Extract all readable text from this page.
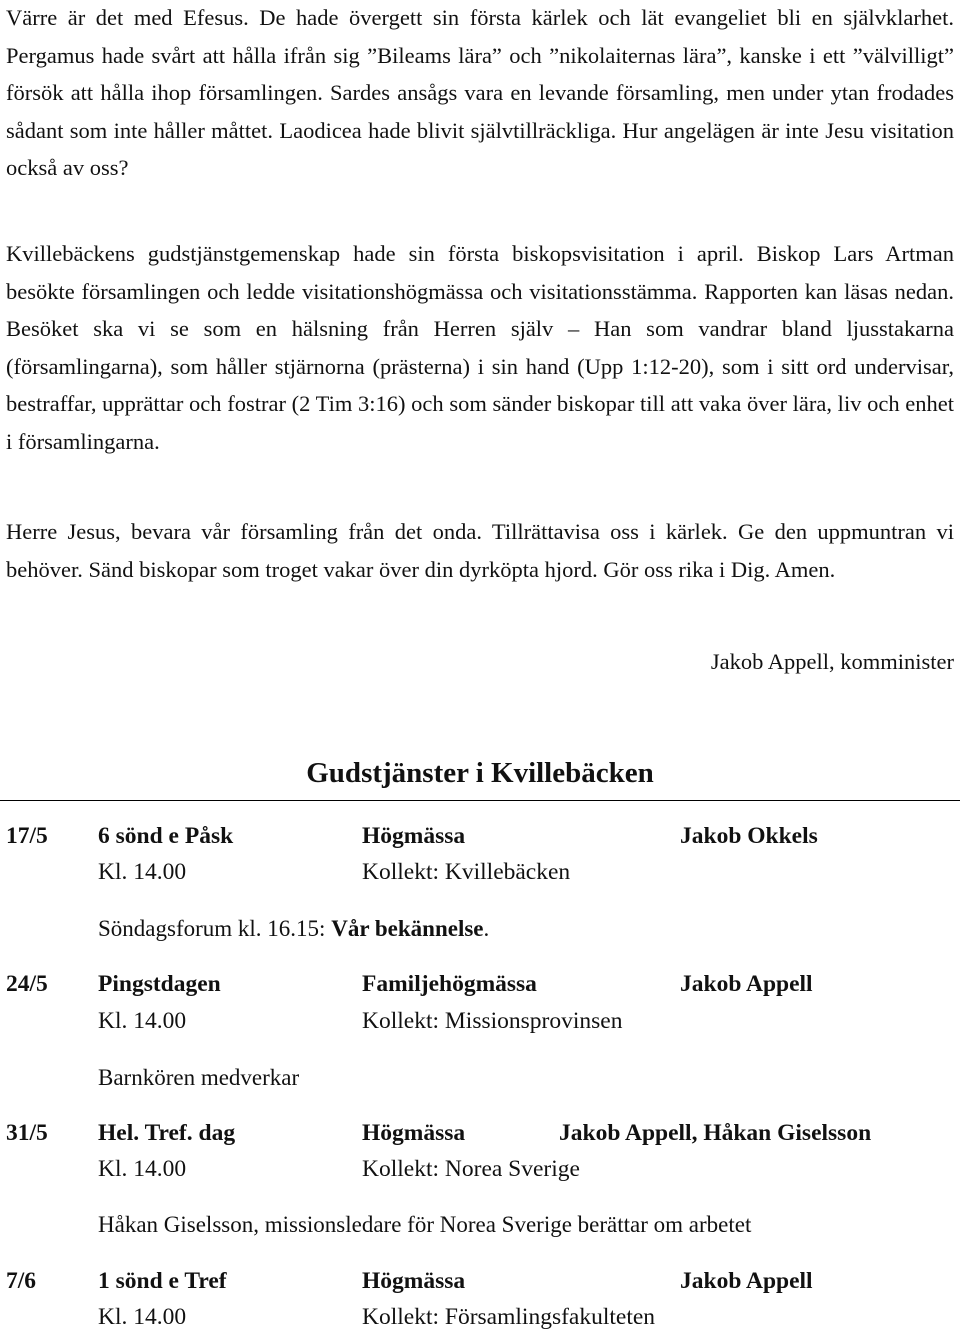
Värre är det med Efesus. De hade övergett sin första kärlek och lät evangeliet bli en självklarhet. Pergamus hade svårt att hålla ifrån sig ”Bileams lära” och ”nikolaiternas lära”, kanske i ett ”välvilligt” försök att hålla ihop församlingen. Sardes ansågs vara en levande församling, men under ytan frodades sådant som inte håller måttet. Laodicea hade blivit självtillräckliga. Hur angelägen är inte Jesu visitation också av oss?

Kvillebäckens gudstjänstgemenskap hade sin första biskopsvisitation i april. Biskop Lars Artman besökte församlingen och ledde visitationshögmässa och visitationsstämma. Rapporten kan läsas nedan. Besöket ska vi se som en hälsning från Herren själv – Han som vandrar bland ljusstakarna (församlingarna), som håller stjärnorna (prästerna) i sin hand (Upp 1:12-20), som i sitt ord undervisar, bestraffar, upprättar och fostrar (2 Tim 3:16) och som sänder biskopar till att vaka över lära, liv och enhet i församlingarna.

Herre Jesus, bevara vår församling från det onda. Tillrättavisa oss i kärlek. Ge den uppmuntran vi behöver. Sänd biskopar som troget vakar över din dyrköpta hjord. Gör oss rika i Dig. Amen.

Jakob Appell, komminister

Gudstjänster i Kvillebäcken
17/5 6 sönd e Påsk	Högmässa	Jakob Okkels
Kl. 14.00	Kollekt: Kvillebäcken
Söndagsforum kl. 16.15: Vår bekännelse.
24/5 Pingstdagen	Familjehögmässa	Jakob Appell
Kl. 14.00	Kollekt: Missionsprovinsen
Barnkören medverkar
31/5 Hel. Tref. dag	Högmässa	Jakob Appell, Håkan Giselsson
Kl. 14.00	Kollekt: Norea Sverige
Håkan Giselsson, missionsledare för Norea Sverige berättar om arbetet
7/6	1 sönd e Tref	Högmässa	Jakob Appell
Kl. 14.00	Kollekt: Församlingsfakulteten
